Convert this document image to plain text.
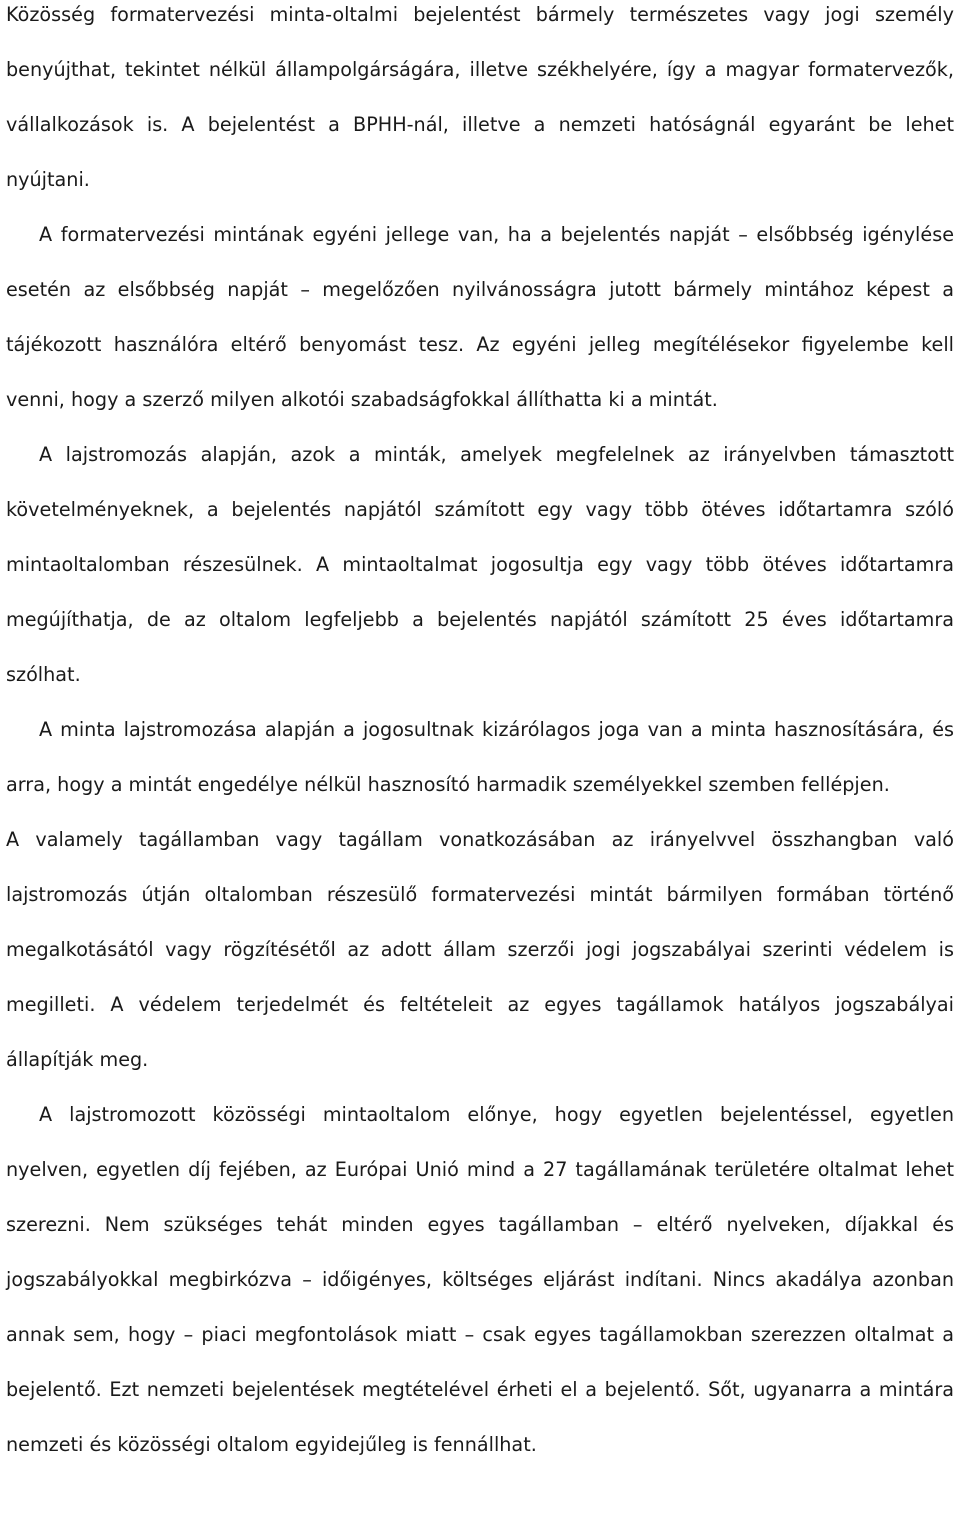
Közösség formatervezési minta-oltalmi bejelentést bármely természetes vagy jogi személy benyújthat, tekintet nélkül állampolgárságára, illetve székhelyére, így a magyar formatervezők, vállalkozások is. A bejelentést a BPHH-nál, illetve a nemzeti hatóságnál egyaránt be lehet nyújtani.

A formatervezési mintának egyéni jellege van, ha a bejelentés napját – elsőbbség igénylése esetén az elsőbbség napját – megelőzően nyilvánosságra jutott bármely mintához képest a tájékozott használóra eltérő benyomást tesz. Az egyéni jelleg megítélésekor figyelembe kell venni, hogy a szerző milyen alkotói szabadságfokkal állíthatta ki a mintát.

A lajstromozás alapján, azok a minták, amelyek megfelelnek az irányelvben támasztott követelményeknek, a bejelentés napjától számított egy vagy több ötéves időtartamra szóló mintaoltalomban részesülnek. A mintaoltalmat jogosultja egy vagy több ötéves időtartamra megújíthatja, de az oltalom legfeljebb a bejelentés napjától számított 25 éves időtartamra szólhat.

A minta lajstromozása alapján a jogosultnak kizárólagos joga van a minta hasznosítására, és arra, hogy a mintát engedélye nélkül hasznosító harmadik személyekkel szemben fellépjen.

A valamely tagállamban vagy tagállam vonatkozásában az irányelvvel összhangban való lajstromozás útján oltalomban részesülő formatervezési mintát bármilyen formában történő megalkotásától vagy rögzítésétől az adott állam szerzői jogi jogszabályai szerinti védelem is megilleti. A védelem terjedelmét és feltételeit az egyes tagállamok hatályos jogszabályai állapítják meg.

A lajstromozott közösségi mintaoltalom előnye, hogy egyetlen bejelentéssel, egyetlen nyelven, egyetlen díj fejében, az Európai Unió mind a 27 tagállamának területére oltalmat lehet szerezni. Nem szükséges tehát minden egyes tagállamban – eltérő nyelveken, díjakkal és jogszabályokkal megbirkózva – időigényes, költséges eljárást indítani. Nincs akadálya azonban annak sem, hogy – piaci megfontolások miatt – csak egyes tagállamokban szerezzen oltalmat a bejelentő. Ezt nemzeti bejelentések megtételével érheti el a bejelentő. Sőt, ugyanarra a mintára nemzeti és közösségi oltalom egyidejűleg is fennállhat.
